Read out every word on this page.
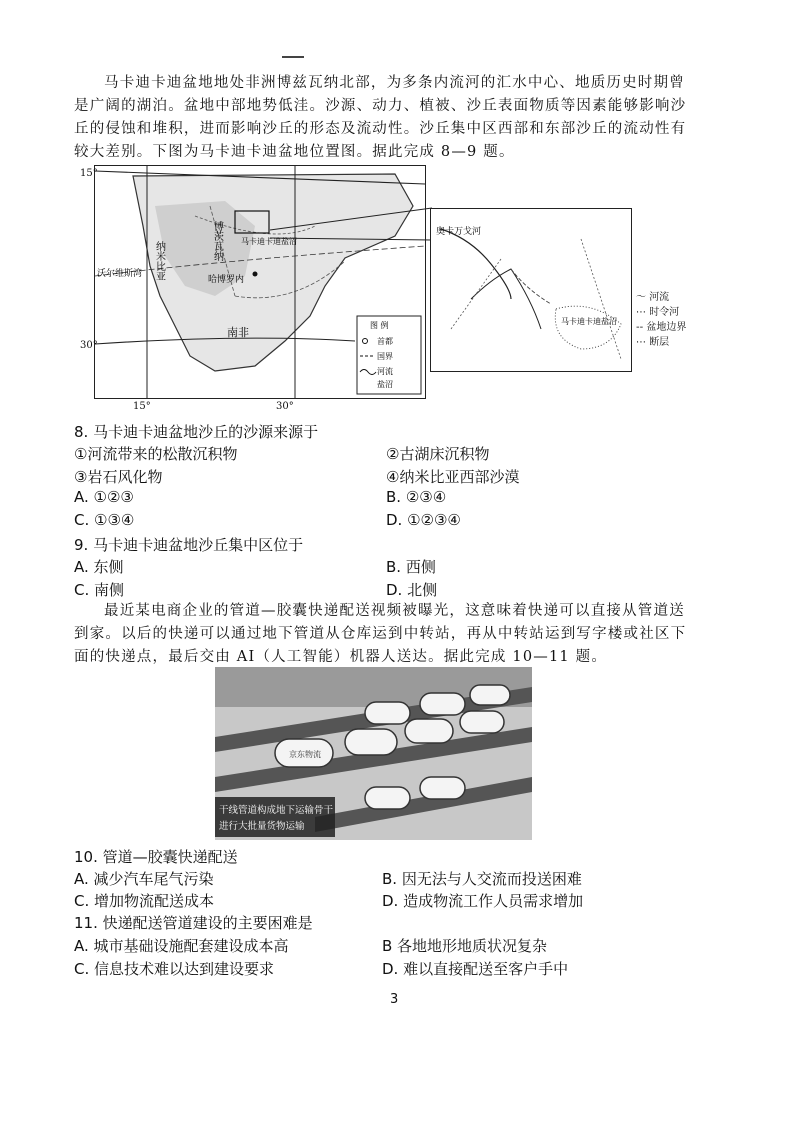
马卡迪卡迪盆地地处非洲博兹瓦纳北部，为多条内流河的汇水中心、地质历史时期曾是广阔的湖泊。盆地中部地势低洼。沙源、动力、植被、沙丘表面物质等因素能够影响沙丘的侵蚀和堆积，进而影响沙丘的形态及流动性。沙丘集中区西部和东部沙丘的流动性有较大差别。下图为马卡迪卡迪盆地位置图。据此完成 8—9 题。
博茨瓦纳
纳米比亚	马卡迪卡迪盐沼
哈博罗内
沃尔维斯湾
南非
图 例
首都
国界
河流
盐沼
15°
30°
15°	30°
奥卡万戈河
马卡迪卡迪盐沼
～ 河流
⋯ 时令河
-- 盆地边界
⋯ 断层
8. 马卡迪卡迪盆地沙丘的沙源来源于
①河流带来的松散沉积物	②古湖床沉积物
③岩石风化物	④纳米比亚西部沙漠
A. ①②③	B. ②③④
C. ①③④	D. ①②③④
9. 马卡迪卡迪盆地沙丘集中区位于
A. 东侧	B. 西侧
C. 南侧	D. 北侧
最近某电商企业的管道—胶囊快递配送视频被曝光，这意味着快递可以直接从管道送到家。以后的快递可以通过地下管道从仓库运到中转站，再从中转站运到写字楼或社区下面的快递点，最后交由 AI（人工智能）机器人送达。据此完成 10—11 题。
京东物流
干线管道构成地下运输骨干
进行大批量货物运输
10. 管道—胶囊快递配送
A. 减少汽车尾气污染	B. 因无法与人交流而投送困难
C. 增加物流配送成本	D. 造成物流工作人员需求增加
11. 快递配送管道建设的主要困难是
A. 城市基础设施配套建设成本高	B 各地地形地质状况复杂
C. 信息技术难以达到建设要求	D. 难以直接配送至客户手中
3
